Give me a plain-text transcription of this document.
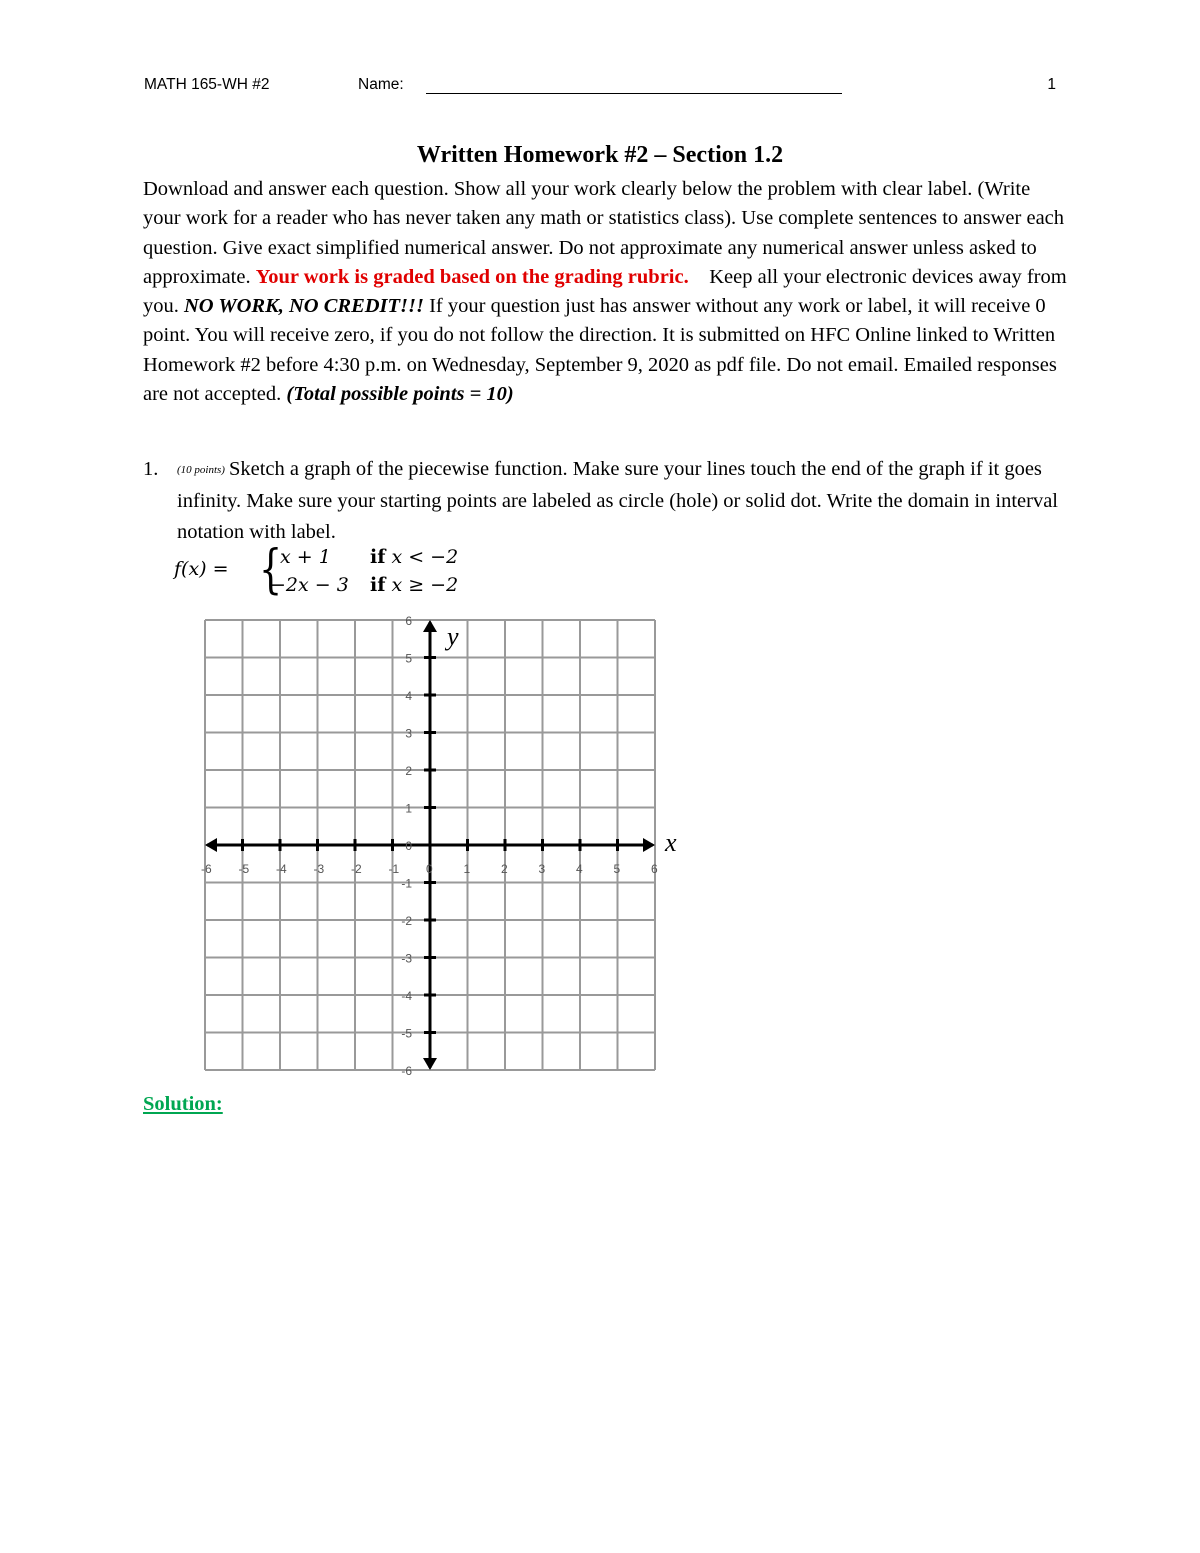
MATH 165-WH #2	Name:	1
Written Homework #2 – Section 1.2
Download and answer each question. Show all your work clearly below the problem with clear label. (Write your work for a reader who has never taken any math or statistics class). Use complete sentences to answer each question. Give exact simplified numerical answer. Do not approximate any numerical answer unless asked to approximate. Your work is graded based on the grading rubric. Keep all your electronic devices away from you. NO WORK, NO CREDIT!!! If your question just has answer without any work or label, it will receive 0 point. You will receive zero, if you do not follow the direction. It is submitted on HFC Online linked to Written Homework #2 before 4:30 p.m. on Wednesday, September 9, 2020 as pdf file. Do not email. Emailed responses are not accepted. (Total possible points = 10)
1. (10 points) Sketch a graph of the piecewise function. Make sure your lines touch the end of the graph if it goes infinity. Make sure your starting points are labeled as circle (hole) or solid dot. Write the domain in interval notation with label.
f(x) = {
x + 1 if x < −2
−2x − 3 if x ≥ −2
-6 -5 -4 -3 -2 -1 0	1	2	3	4	5	6
6
5
4
3
2
1
0
-1
-2
-3
-4
-5
-6
x
y
Solution:
